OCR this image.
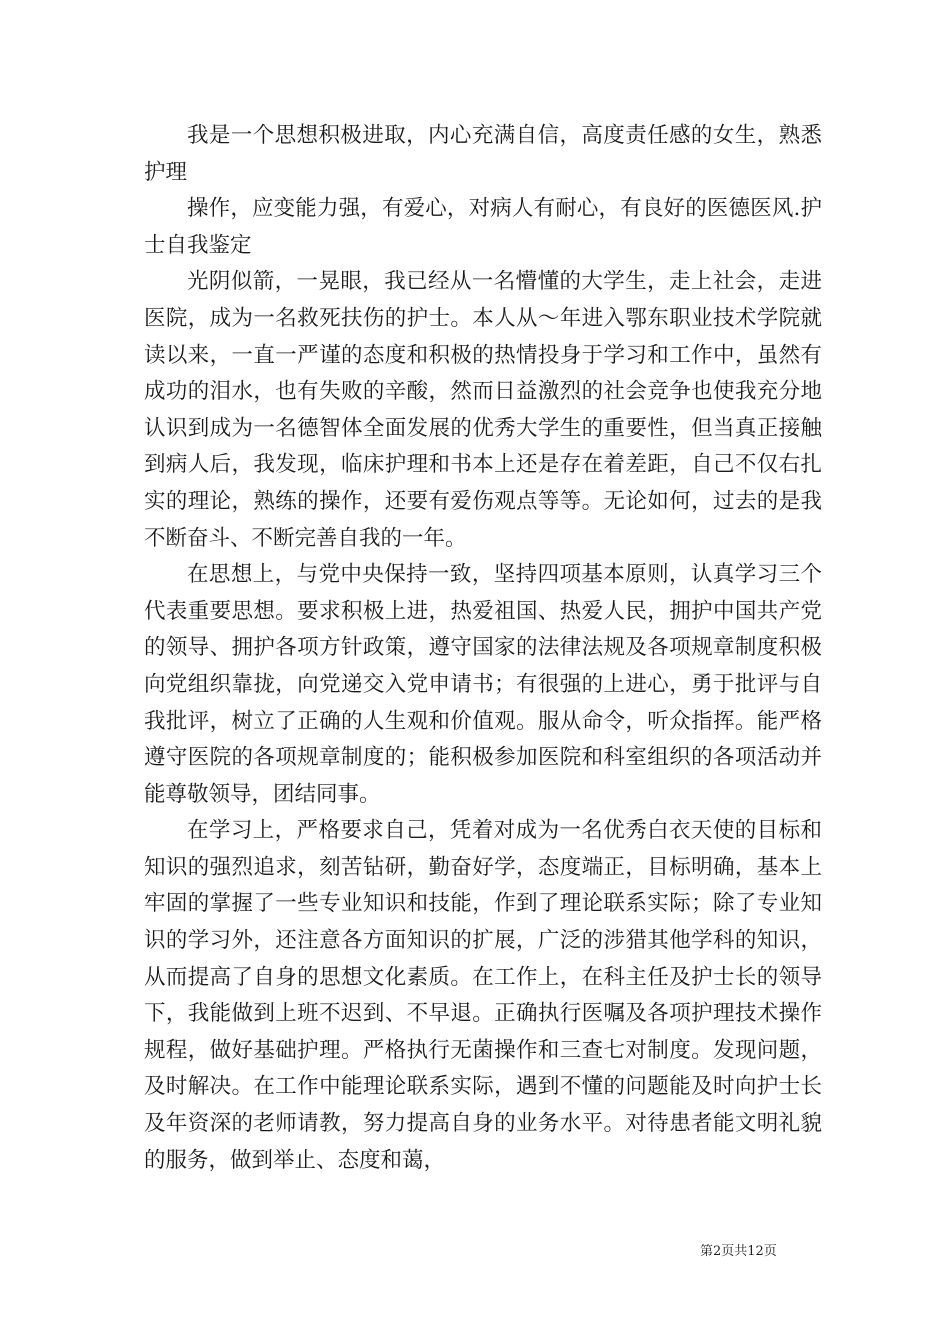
我是一个思想积极进取，内心充满自信，高度责任感的女生，熟悉护理

操作，应变能力强，有爱心，对病人有耐心，有良好的医德医风.护士自我鉴定

光阴似箭，一晃眼，我已经从一名懵懂的大学生，走上社会，走进医院，成为一名救死扶伤的护士。本人从～年进入鄂东职业技术学院就读以来，一直一严谨的态度和积极的热情投身于学习和工作中，虽然有成功的泪水，也有失败的辛酸，然而日益激烈的社会竞争也使我充分地认识到成为一名德智体全面发展的优秀大学生的重要性，但当真正接触到病人后，我发现，临床护理和书本上还是存在着差距，自己不仅右扎实的理论，熟练的操作，还要有爱伤观点等等。无论如何，过去的是我不断奋斗、不断完善自我的一年。

在思想上，与党中央保持一致，坚持四项基本原则，认真学习三个代表重要思想。要求积极上进，热爱祖国、热爱人民，拥护中国共产党的领导、拥护各项方针政策，遵守国家的法律法规及各项规章制度积极向党组织靠拢，向党递交入党申请书；有很强的上进心，勇于批评与自我批评，树立了正确的人生观和价值观。服从命令，听众指挥。能严格遵守医院的各项规章制度的；能积极参加医院和科室组织的各项活动并能尊敬领导，团结同事。

在学习上，严格要求自己，凭着对成为一名优秀白衣天使的目标和知识的强烈追求，刻苦钻研，勤奋好学，态度端正，目标明确，基本上牢固的掌握了一些专业知识和技能，作到了理论联系实际；除了专业知识的学习外，还注意各方面知识的扩展，广泛的涉猎其他学科的知识，从而提高了自身的思想文化素质。在工作上，在科主任及护士长的领导下，我能做到上班不迟到、不早退。正确执行医嘱及各项护理技术操作规程，做好基础护理。严格执行无菌操作和三查七对制度。发现问题，及时解决。在工作中能理论联系实际，遇到不懂的问题能及时向护士长及年资深的老师请教，努力提高自身的业务水平。对待患者能文明礼貌的服务，做到举止、态度和蔼，

第2页共12页
